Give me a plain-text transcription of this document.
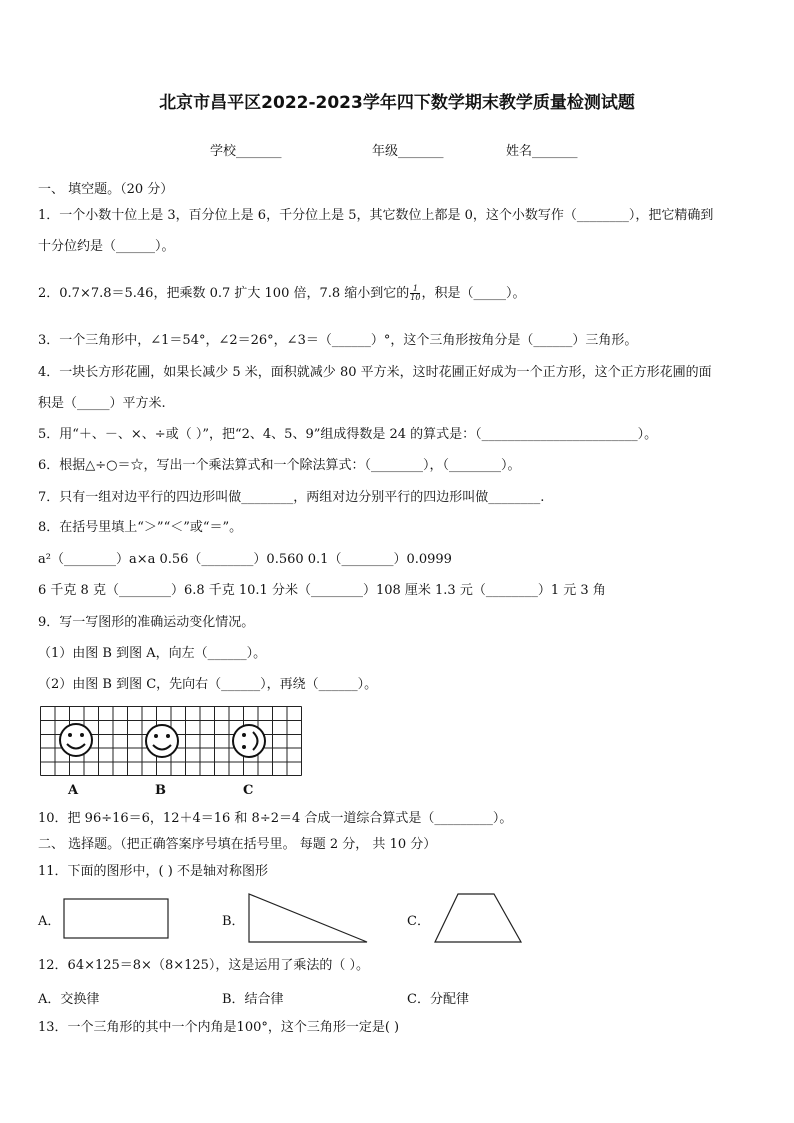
北京市昌平区2022-2023学年四下数学期末教学质量检测试题
学校_______	年级_______	姓名_______
一、 填空题。（20 分）
1．一个小数十位上是 3，百分位上是 6，千分位上是 5，其它数位上都是 0，这个小数写作（________），把它精确到
十分位约是（______）。
2．0.7×7.8＝5.46，把乘数 0.7 扩大 100 倍，7.8 缩小到它的 $\frac{1}{10}$ ，积是（_____）。
3．一个三角形中，∠1＝54°，∠2＝26°，∠3＝（______）°，这个三角形按角分是（______）三角形。
4．一块长方形花圃，如果长减少 5 米，面积就减少 80 平方米，这时花圃正好成为一个正方形，这个正方形花圃的面
积是（_____）平方米.
5．用“＋、－、×、÷或（ ）”，把“2、4、5、9”组成得数是 24 的算式是：（________________________）。
6．根据△÷○＝☆，写出一个乘法算式和一个除法算式：（________），（________）。
7．只有一组对边平行的四边形叫做________，两组对边分别平行的四边形叫做________.
8．在括号里填上“＞”“＜”或“＝”。
a²（________）a×a 0.56（________）0.560 0.1（________）0.0999
6 千克 8 克（________）6.8 千克 10.1 分米（________）108 厘米 1.3 元（________）1 元 3 角
9．写一写图形的准确运动变化情况。
（1）由图 B 到图 A，向左（______）。
（2）由图 B 到图 C，先向右（______），再绕（______）。
A	B	C
10．把 96÷16＝6，12＋4＝16 和 8÷2＝4 合成一道综合算式是（_________）。
二、 选择题。（把正确答案序号填在括号里。 每题 2 分， 共 10 分）
11．下面的图形中，( ) 不是轴对称图形
A．	B．	C．
12．64×125＝8×（8×125），这是运用了乘法的（ ）。
A．交换律	B．结合律	C．分配律
13．一个三角形的其中一个内角是100°，这个三角形一定是( )
